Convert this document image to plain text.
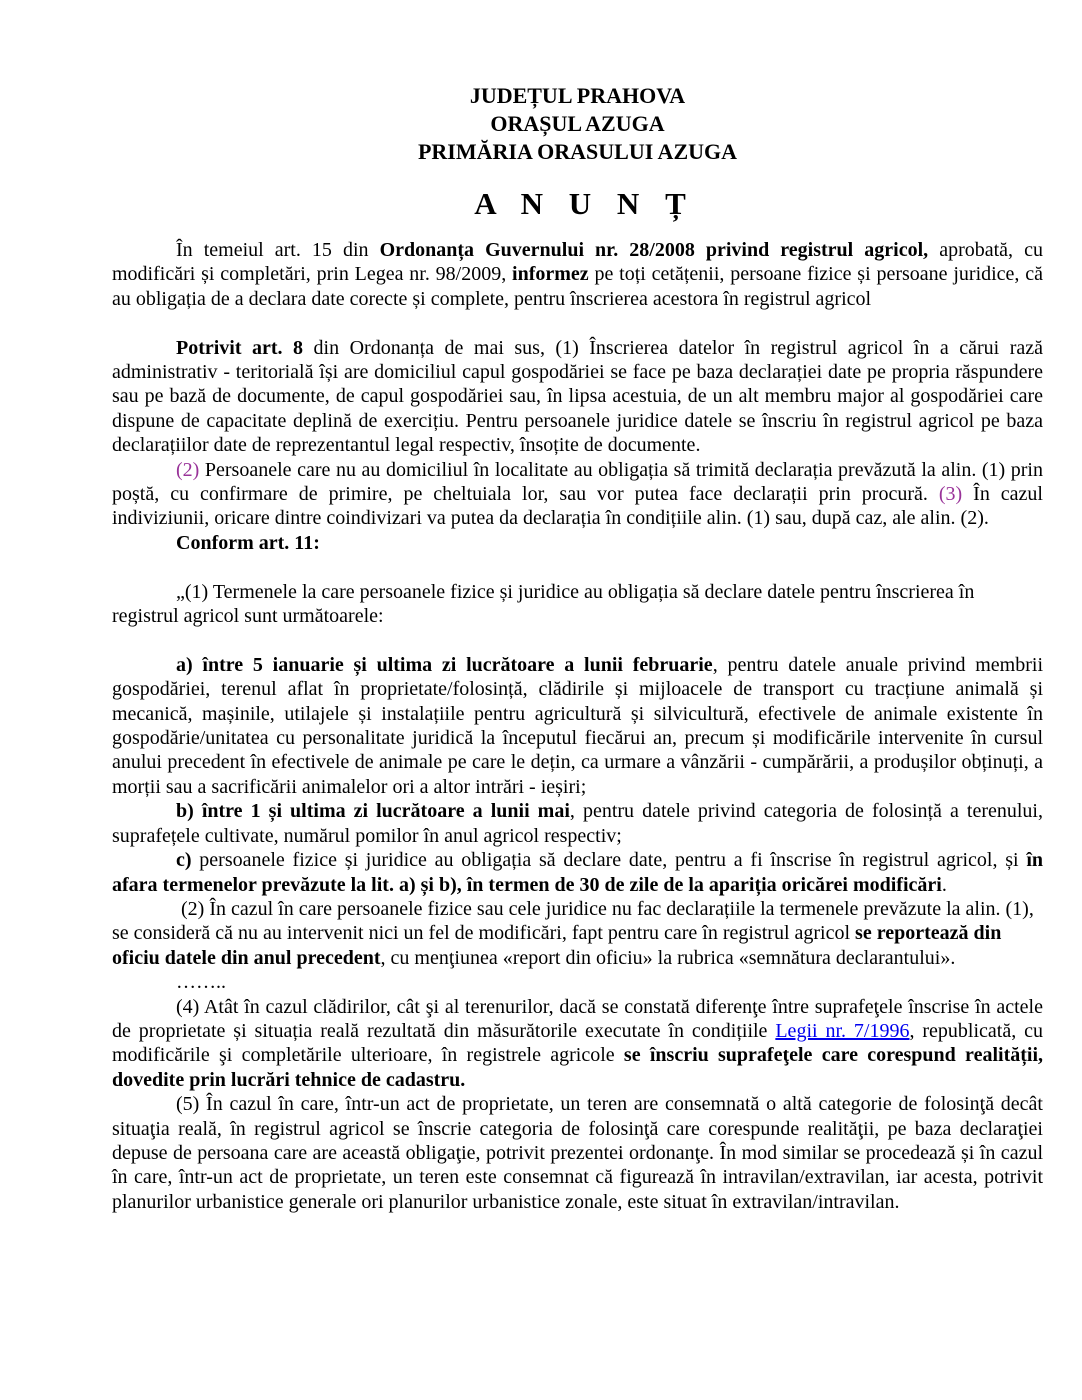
JUDEȚUL PRAHOVA
ORAȘUL AZUGA
PRIMĂRIA ORASULUI AZUGA
A N U N Ț

În temeiul art. 15 din Ordonanța Guvernului nr. 28/2008 privind registrul agricol, aprobată, cu modificări și completări, prin Legea nr. 98/2009, informez pe toți cetățenii, persoane fizice și persoane juridice, că au obligația de a declara date corecte și complete, pentru înscrierea acestora în registrul agricol

Potrivit art. 8 din Ordonanța de mai sus, (1) Înscrierea datelor în registrul agricol în a cărui rază administrativ - teritorială își are domiciliul capul gospodăriei se face pe baza declarației date pe propria răspundere sau pe bază de documente, de capul gospodăriei sau, în lipsa acestuia, de un alt membru major al gospodăriei care dispune de capacitate deplină de exercițiu. Pentru persoanele juridice datele se înscriu în registrul agricol pe baza declarațiilor date de reprezentantul legal respectiv, însoțite de documente.

(2) Persoanele care nu au domiciliul în localitate au obligația să trimită declarația prevăzută la alin. (1) prin poștă, cu confirmare de primire, pe cheltuiala lor, sau vor putea face declarații prin procură. (3) În cazul indiviziunii, oricare dintre coindivizari va putea da declarația în condițiile alin. (1) sau, după caz, ale alin. (2).

Conform art. 11:

„(1) Termenele la care persoanele fizice și juridice au obligația să declare datele pentru înscrierea în registrul agricol sunt următoarele:

a) între 5 ianuarie și ultima zi lucrătoare a lunii februarie, pentru datele anuale privind membrii gospodăriei, terenul aflat în proprietate/folosință, clădirile și mijloacele de transport cu tracțiune animală și mecanică, mașinile, utilajele și instalațiile pentru agricultură și silvicultură, efectivele de animale existente în gospodărie/unitatea cu personalitate juridică la începutul fiecărui an, precum și modificările intervenite în cursul anului precedent în efectivele de animale pe care le dețin, ca urmare a vânzării - cumpărării, a produșilor obținuți, a morții sau a sacrificării animalelor ori a altor intrări - ieșiri;

b) între 1 și ultima zi lucrătoare a lunii mai, pentru datele privind categoria de folosință a terenului, suprafețele cultivate, numărul pomilor în anul agricol respectiv;

c) persoanele fizice și juridice au obligația să declare date, pentru a fi înscrise în registrul agricol, și în afara termenelor prevăzute la lit. a) și b), în termen de 30 de zile de la apariția oricărei modificări.

(2) În cazul în care persoanele fizice sau cele juridice nu fac declarațiile la termenele prevăzute la alin. (1), se consideră că nu au intervenit nici un fel de modificări, fapt pentru care în registrul agricol se reportează din oficiu datele din anul precedent, cu menţiunea «report din oficiu» la rubrica «semnătura declarantului».

……..

(4) Atât în cazul clădirilor, cât şi al terenurilor, dacă se constată diferenţe între suprafeţele înscrise în actele de proprietate și situația reală rezultată din măsurătorile executate în condițiile Legii nr. 7/1996, republicată, cu modificările şi completările ulterioare, în registrele agricole se înscriu suprafeţele care corespund realității, dovedite prin lucrări tehnice de cadastru.

(5) În cazul în care, într-un act de proprietate, un teren are consemnată o altă categorie de folosinţă decât situaţia reală, în registrul agricol se înscrie categoria de folosinţă care corespunde realităţii, pe baza declaraţiei depuse de persoana care are această obligaţie, potrivit prezentei ordonanţe. În mod similar se procedează și în cazul în care, într-un act de proprietate, un teren este consemnat că figurează în intravilan/extravilan, iar acesta, potrivit planurilor urbanistice generale ori planurilor urbanistice zonale, este situat în extravilan/intravilan.
